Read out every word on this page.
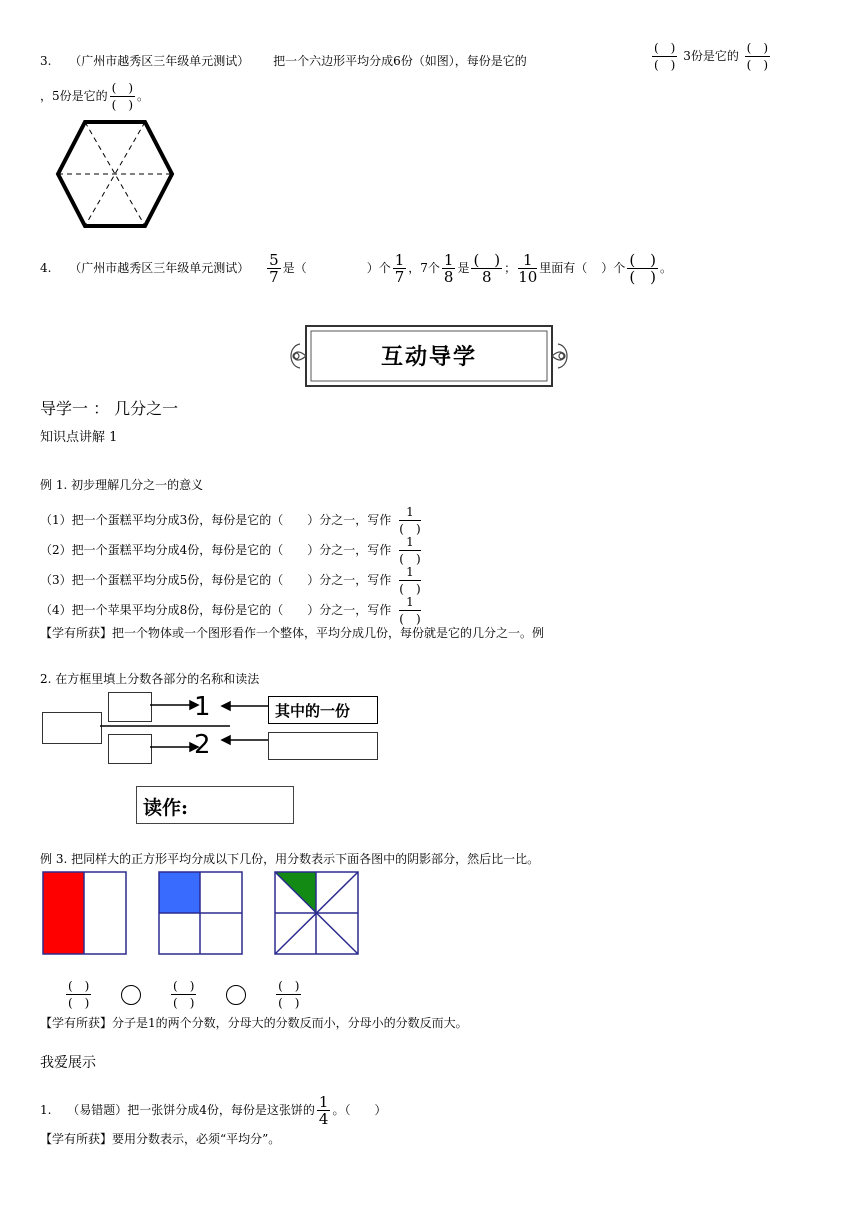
3. （广州市越秀区三年级单元测试） 把一个六边形平均分成6份（如图），每份是它的
(　)
(　)
3份是它的
(　)
(　)
，5份是它的
(　)
(　)
。
4. （广州市越秀区三年级单元测试） $\frac{5}{7}$ 是（	）个 $\frac{1}{7}$ ，7个 $\frac{1}{8}$ 是 (　)
8	； $\frac{1}{10}$ 里面有（ ）个 (　)
(　) 。
互动导学
导学一 ： 几分之一
知识点讲解 1
例 1. 初步理解几分之一的意义
（1）把一个蛋糕平均分成3份，每份是它的（　　）分之一，写作
1
(　)
（2）把一个蛋糕平均分成4份，每份是它的（　　）分之一，写作
1
(　)
（3）把一个蛋糕平均分成5份，每份是它的（　　）分之一，写作
1
(　)
（4）把一个苹果平均分成8份，每份是它的（　　）分之一，写作
1
(　)
【学有所获】把一个物体或一个图形看作一个整体，平均分成几份，每份就是它的几分之一。例
2. 在方框里填上分数各部分的名称和读法
1
2
其中的一份
读作:
例 3. 把同样大的正方形平均分成以下几份，用分数表示下面各图中的阴影部分，然后比一比。
(　)
(　)

(　)
(　)

(　)
(　)
【学有所获】分子是1的两个分数，分母大的分数反而小，分母小的分数反而大。
我爱展示
1. （易错题）把一张饼分成4份，每份是这张饼的 $\frac{1}{4}$ 。（　　）
【学有所获】要用分数表示，必须“平均分”。
